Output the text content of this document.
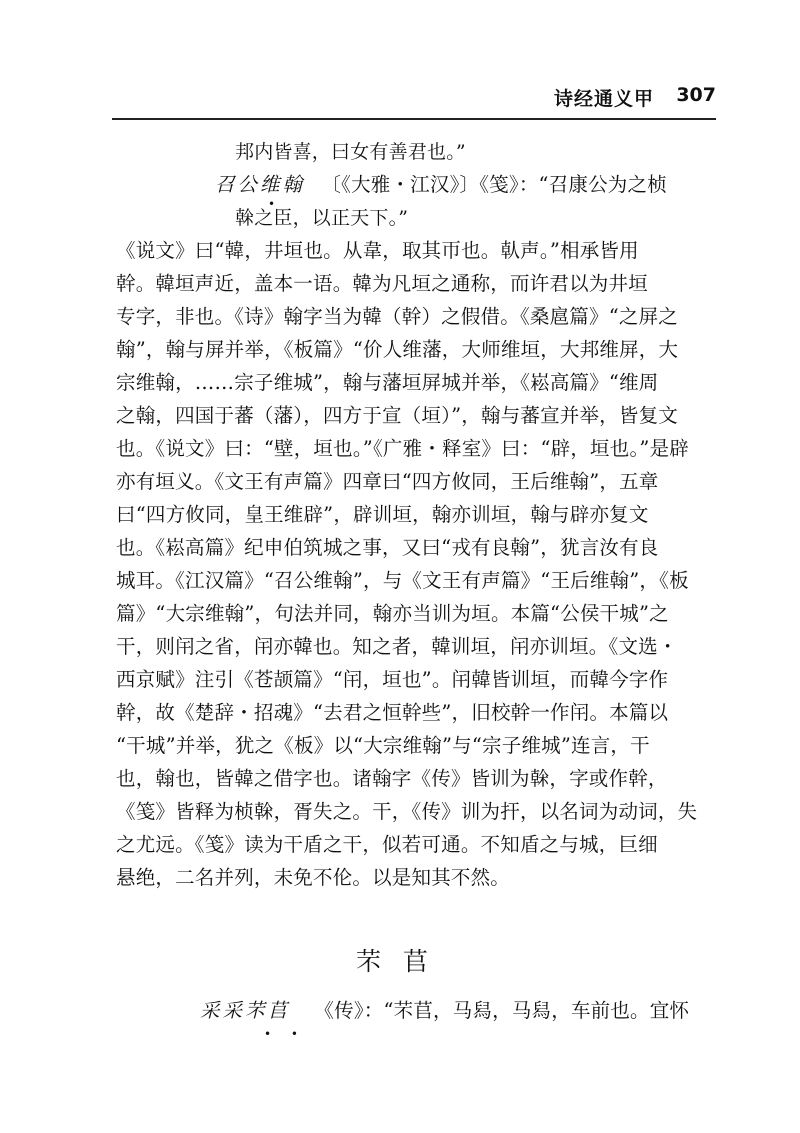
诗经通义甲 307
邦内皆喜，曰女有善君也。”
召公维翰 〔《大雅・江汉》〕《笺》：“召康公为之桢
•
榦之臣，以正天下。”
《说文》曰“韓，井垣也。从韋，取其帀也。倝声。”相承皆用
幹。韓垣声近，盖本一语。韓为凡垣之通称，而许君以为井垣
专字，非也。《诗》翰字当为韓（幹）之假借。《桑扈篇》“之屏之
翰”，翰与屏并举，《板篇》“价人维藩，大师维垣，大邦维屏，大
宗维翰，……宗子维城”，翰与藩垣屏城并举，《崧高篇》“维周
之翰，四国于蕃（藩），四方于宣（垣）”，翰与蕃宣并举，皆复文
也。《说文》曰：“壁，垣也。”《广雅・释室》曰：“辟，垣也。”是辟
亦有垣义。《文王有声篇》四章曰“四方攸同，王后维翰”，五章
曰“四方攸同，皇王维辟”，辟训垣，翰亦训垣，翰与辟亦复文
也。《崧高篇》纪申伯筑城之事，又曰“戎有良翰”，犹言汝有良
城耳。《江汉篇》“召公维翰”，与《文王有声篇》“王后维翰”，《板
篇》“大宗维翰”，句法并同，翰亦当训为垣。本篇“公侯干城”之
干，则闬之省，闬亦韓也。知之者，韓训垣，闬亦训垣。《文选・
西京赋》注引《苍颉篇》“闬，垣也”。闬韓皆训垣，而韓今字作
幹，故《楚辞・招魂》“去君之恒幹些”，旧校幹一作闬。本篇以
“干城”并举，犹之《板》以“大宗维翰”与“宗子维城”连言，干
也，翰也，皆韓之借字也。诸翰字《传》皆训为榦，字或作幹，
《笺》皆释为桢榦，胥失之。干，《传》训为扞，以名词为动词，失
之尤远。《笺》读为干盾之干，似若可通。不知盾之与城，巨细
悬绝，二名并列，未免不伦。以是知其不然。
芣苢
采采芣苢 《传》：“芣苢，马舄，马舄，车前也。宜怀
• •
